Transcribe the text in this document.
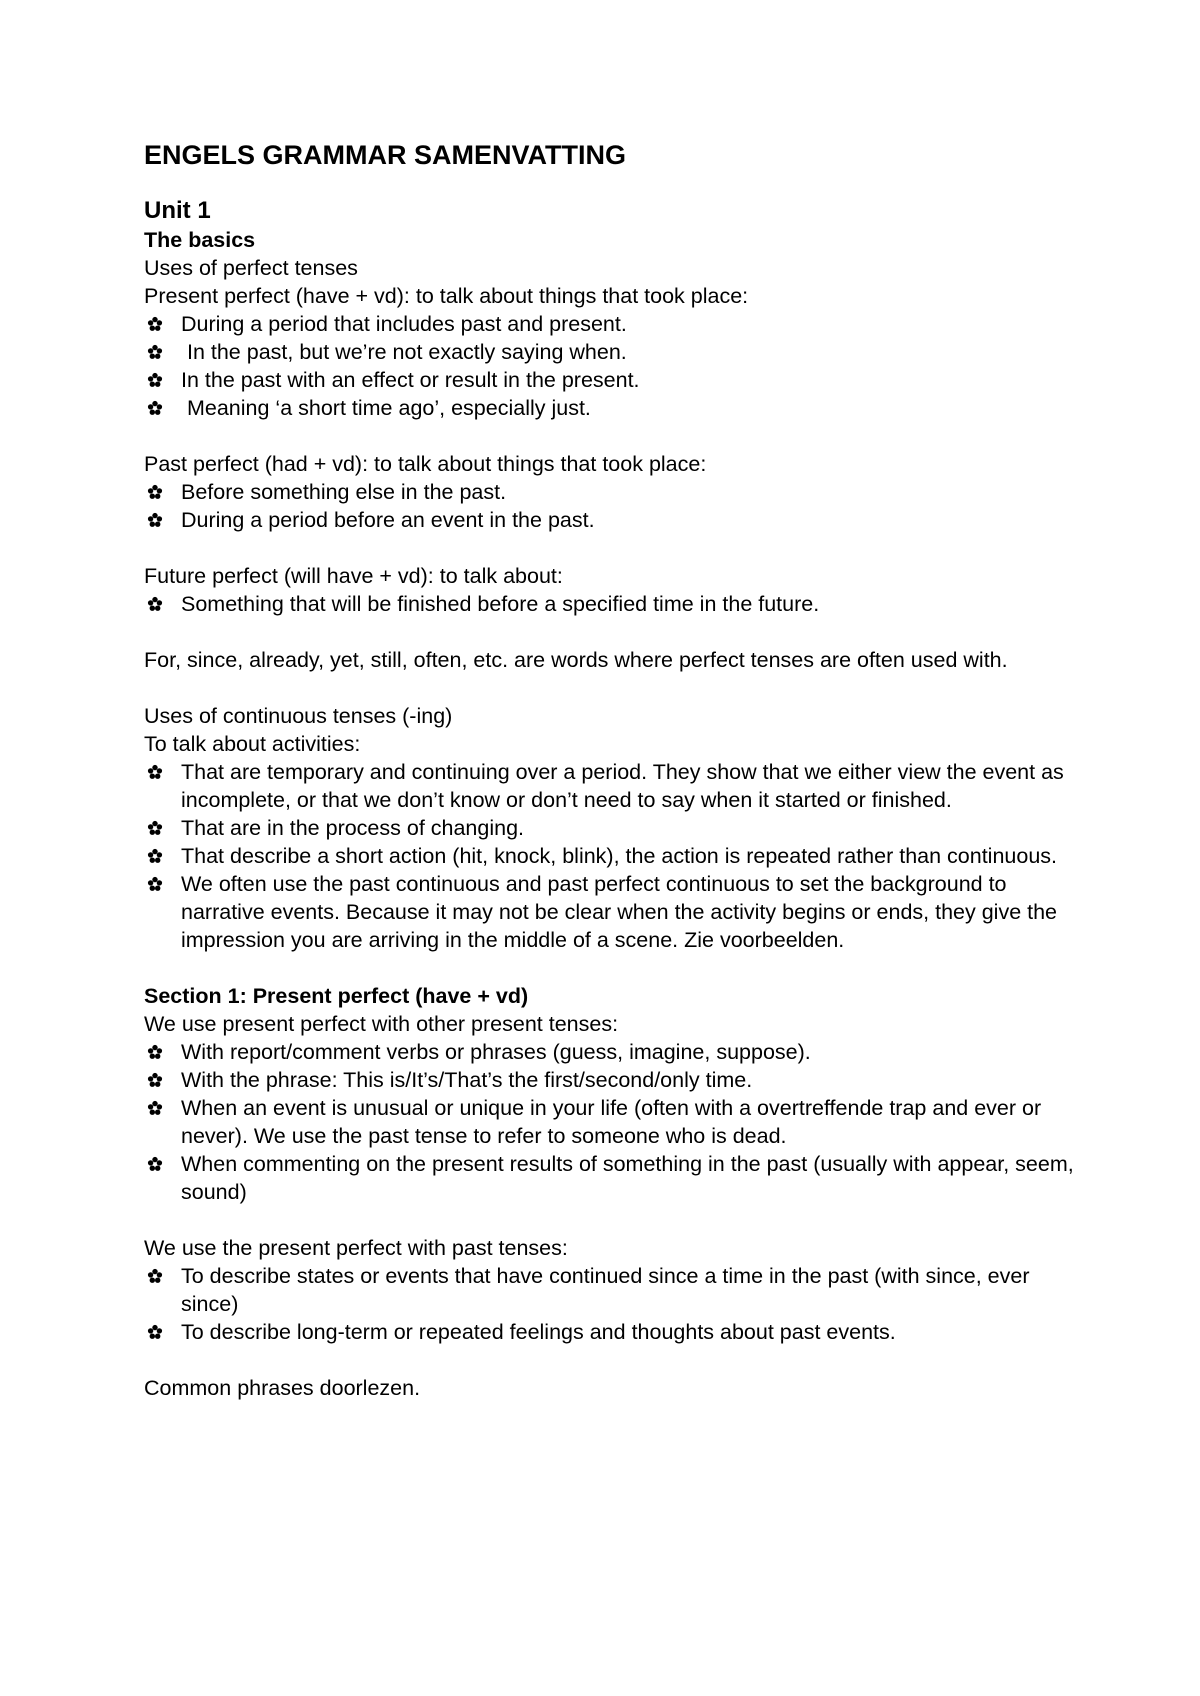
ENGELS GRAMMAR SAMENVATTING
Unit 1

The basics

Uses of perfect tenses

Present perfect (have + vd): to talk about things that took place:

During a period that includes past and present.
In the past, but we’re not exactly saying when.
In the past with an effect or result in the present.
Meaning ‘a short time ago’, especially just.

Past perfect (had + vd): to talk about things that took place:

Before something else in the past.
During a period before an event in the past.

Future perfect (will have + vd): to talk about:

Something that will be finished before a specified time in the future.

For, since, already, yet, still, often, etc. are words where perfect tenses are often used with.

Uses of continuous tenses (-ing)

To talk about activities:

That are temporary and continuing over a period. They show that we either view the event as incomplete, or that we don’t know or don’t need to say when it started or finished.
That are in the process of changing.
That describe a short action (hit, knock, blink), the action is repeated rather than continuous.
We often use the past continuous and past perfect continuous to set the background to narrative events. Because it may not be clear when the activity begins or ends, they give the impression you are arriving in the middle of a scene. Zie voorbeelden.

Section 1: Present perfect (have + vd)

We use present perfect with other present tenses:

With report/comment verbs or phrases (guess, imagine, suppose).
With the phrase: This is/It’s/That’s the first/second/only time.
When an event is unusual or unique in your life (often with a overtreffende trap and ever or never). We use the past tense to refer to someone who is dead.
When commenting on the present results of something in the past (usually with appear, seem, sound)

We use the present perfect with past tenses:

To describe states or events that have continued since a time in the past (with since, ever since)
To describe long-term or repeated feelings and thoughts about past events.

Common phrases doorlezen.
